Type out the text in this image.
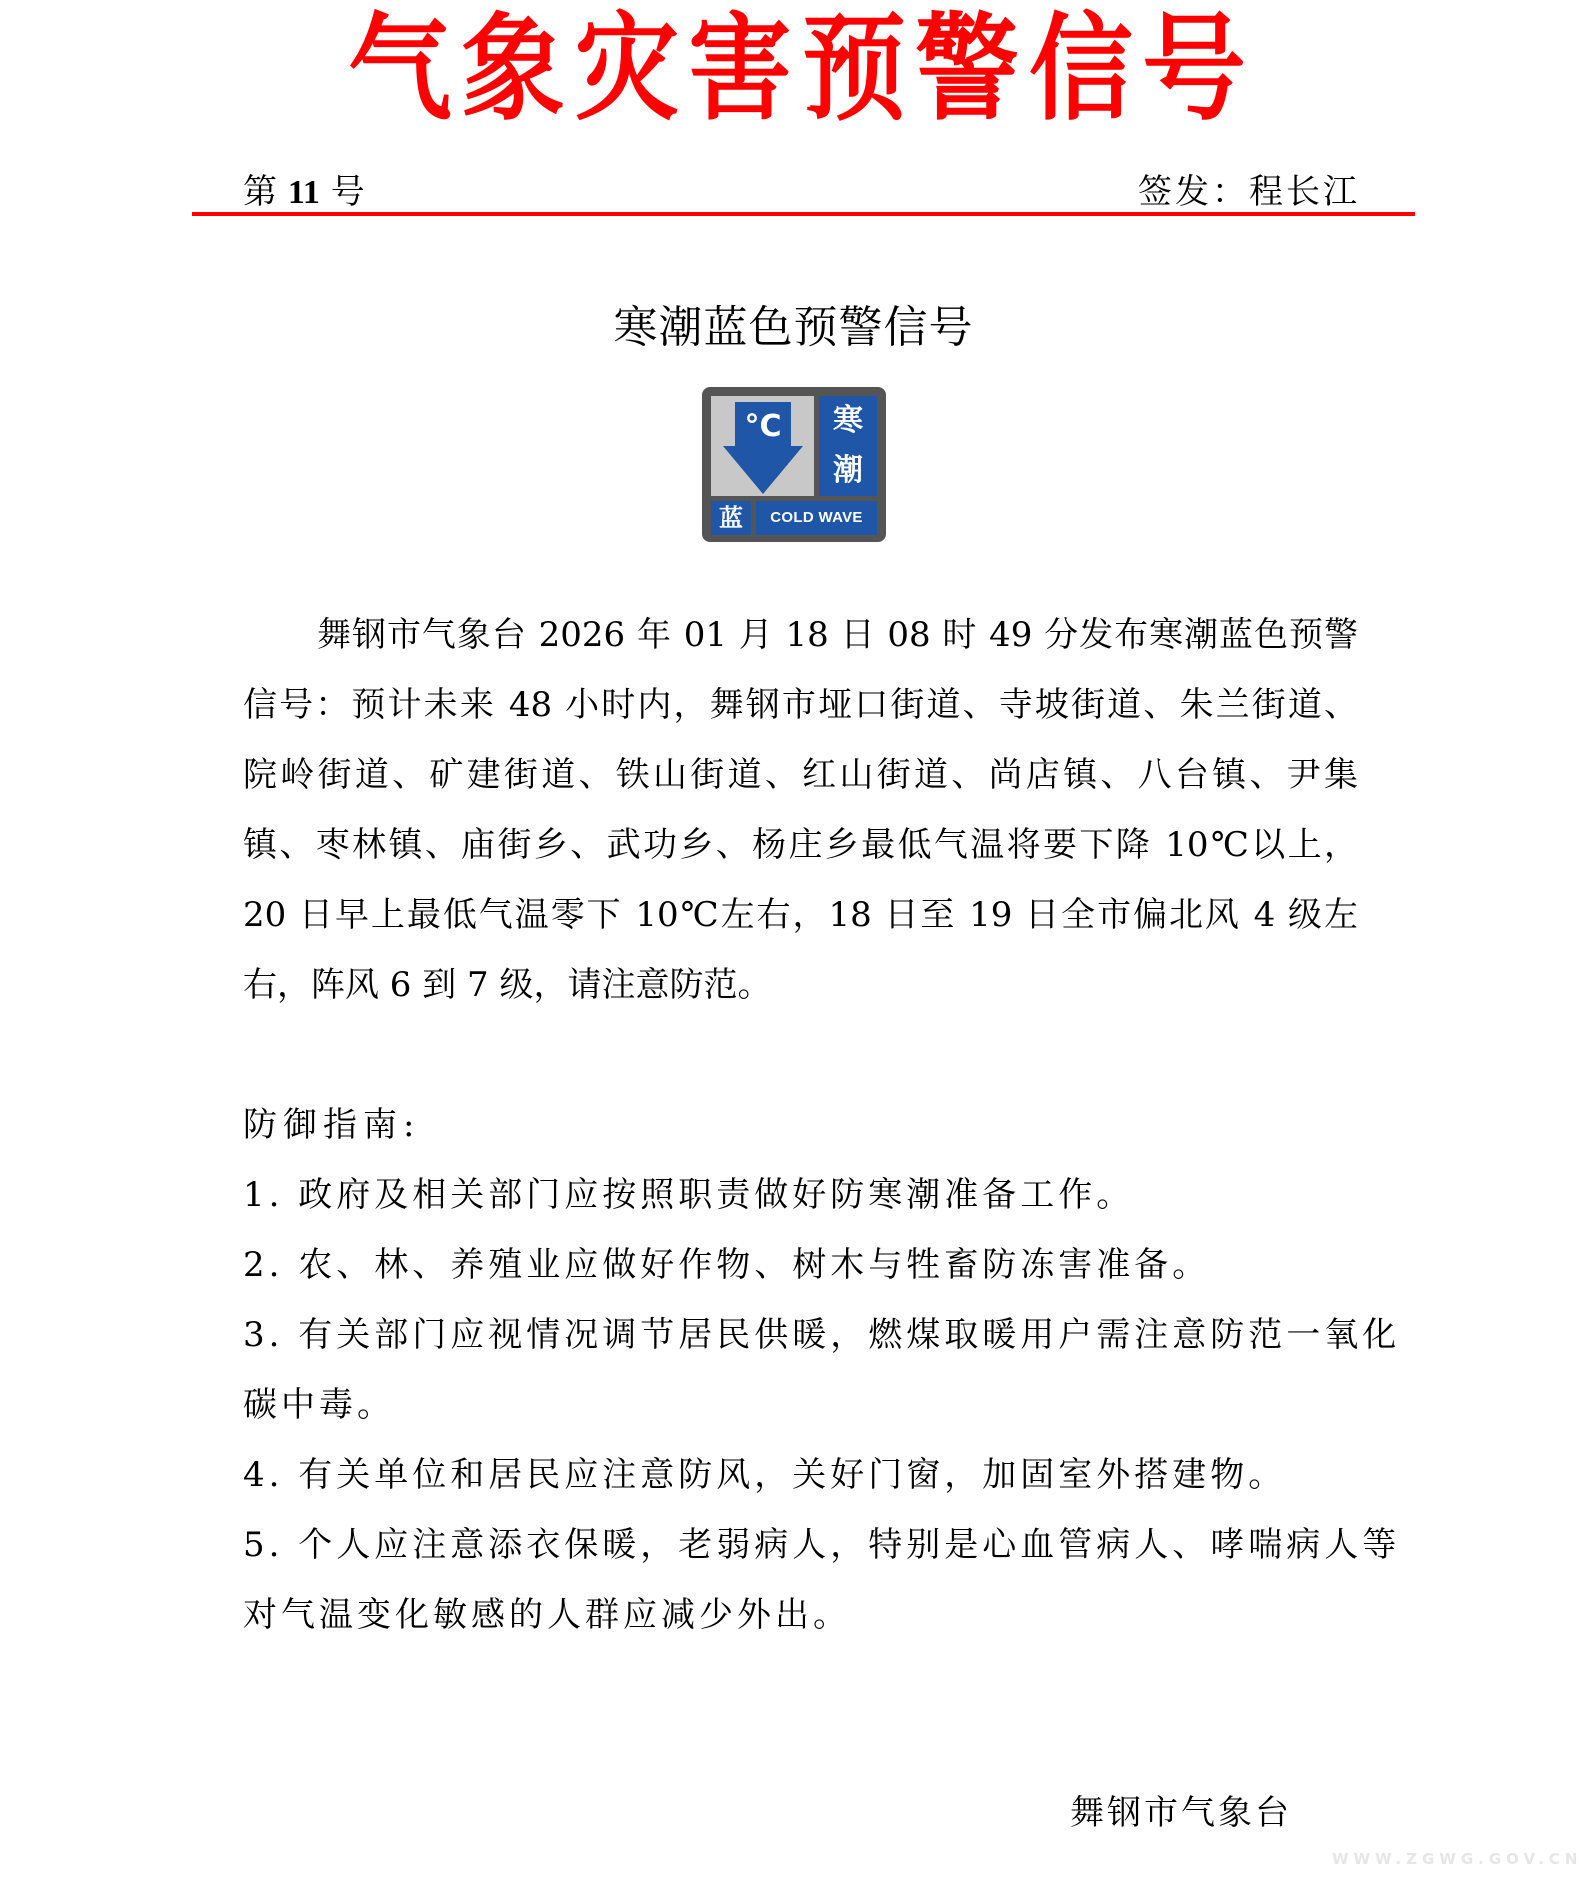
气 象 灾 害 预 警 信 号
第 11 号	签发：程长江
寒潮蓝色预警信号
°C 寒
潮
蓝	COLD WAVE
舞钢市气象台 2026 年 01 月 18 日 08 时 49 分发布寒潮蓝色预警
信号：预计未来 48 小时内，舞钢市垭口街道、寺坡街道、朱兰街道、
院岭街道、矿建街道、铁山街道、红山街道、尚店镇、八台镇、尹集
镇、枣林镇、庙街乡、武功乡、杨庄乡最低气温将要下降 10℃以上，
20 日早上最低气温零下 10℃左右，18 日至 19 日全市偏北风 4 级左
右，阵风 6 到 7 级，请注意防范。
防御指南:
1. 政府及相关部门应按照职责做好防寒潮准备工作。
2. 农、林、养殖业应做好作物、树木与牲畜防冻害准备。
3. 有关部门应视情况调节居民供暖，燃煤取暖用户需注意防范一氧化
碳中毒。
4. 有关单位和居民应注意防风，关好门窗，加固室外搭建物。
5. 个人应注意添衣保暖，老弱病人，特别是心血管病人、哮喘病人等
对气温变化敏感的人群应减少外出。
舞钢市气象台
WWW.ZGWG.GOV.CN
